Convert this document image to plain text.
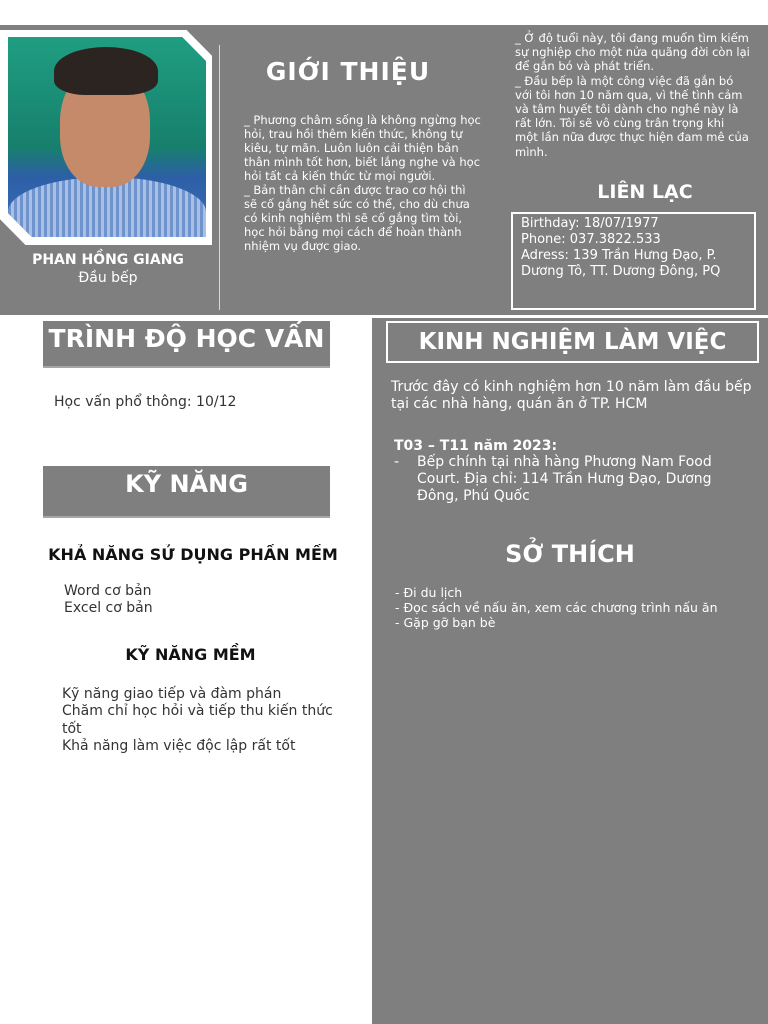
PHAN HỒNG GIANG
Đầu bếp
GIỚI THIỆU
_ Phương châm sống là không ngừng học hỏi, trau hồi thêm kiến thức, không tự kiêu, tự mãn. Luôn luôn cải thiện bản thân mình tốt hơn, biết lắng nghe và học hỏi tất cả kiến thức từ mọi người.
_ Bản thân chỉ cần được trao cơ hội thì sẽ cố gắng hết sức có thể, cho dù chưa có kinh nghiệm thì sẽ cố gắng tìm tòi, học hỏi bằng mọi cách để hoàn thành nhiệm vụ được giao.
_ Ở độ tuổi này, tôi đang muốn tìm kiếm sự nghiệp cho một nửa quãng đời còn lại để gắn bó và phát triển.
_ Đầu bếp là một công việc đã gắn bó với tôi hơn 10 năm qua, vì thế tình cảm và tâm huyết tôi dành cho nghề này là rất lớn. Tôi sẽ vô cùng trân trọng khi một lần nữa được thực hiện đam mê của mình.
LIÊN LẠC
Birthday: 18/07/1977
Phone: 037.3822.533
Adress: 139 Trần Hưng Đạo, P. Dương Tô, TT. Dương Đông, PQ
TRÌNH ĐỘ HỌC VẤN
Học vấn phổ thông: 10/12
KỸ NĂNG
KHẢ NĂNG SỬ DỤNG PHẦN MỀM
Word cơ bản
Excel cơ bản
KỸ NĂNG MỀM
Kỹ năng giao tiếp và đàm phán
Chăm chỉ học hỏi và tiếp thu kiến thức tốt
Khả năng làm việc độc lập rất tốt
KINH NGHIỆM LÀM VIỆC
Trước đây có kinh nghiệm hơn 10 năm làm đầu bếp tại các nhà hàng, quán ăn ở TP. HCM
T03 – T11 năm 2023:
- Bếp chính tại nhà hàng Phương Nam Food Court. Địa chỉ: 114 Trần Hưng Đạo, Dương Đông, Phú Quốc
SỞ THÍCH
- Đi du lịch
- Đọc sách về nấu ăn, xem các chương trình nấu ăn
- Gặp gỡ bạn bè
